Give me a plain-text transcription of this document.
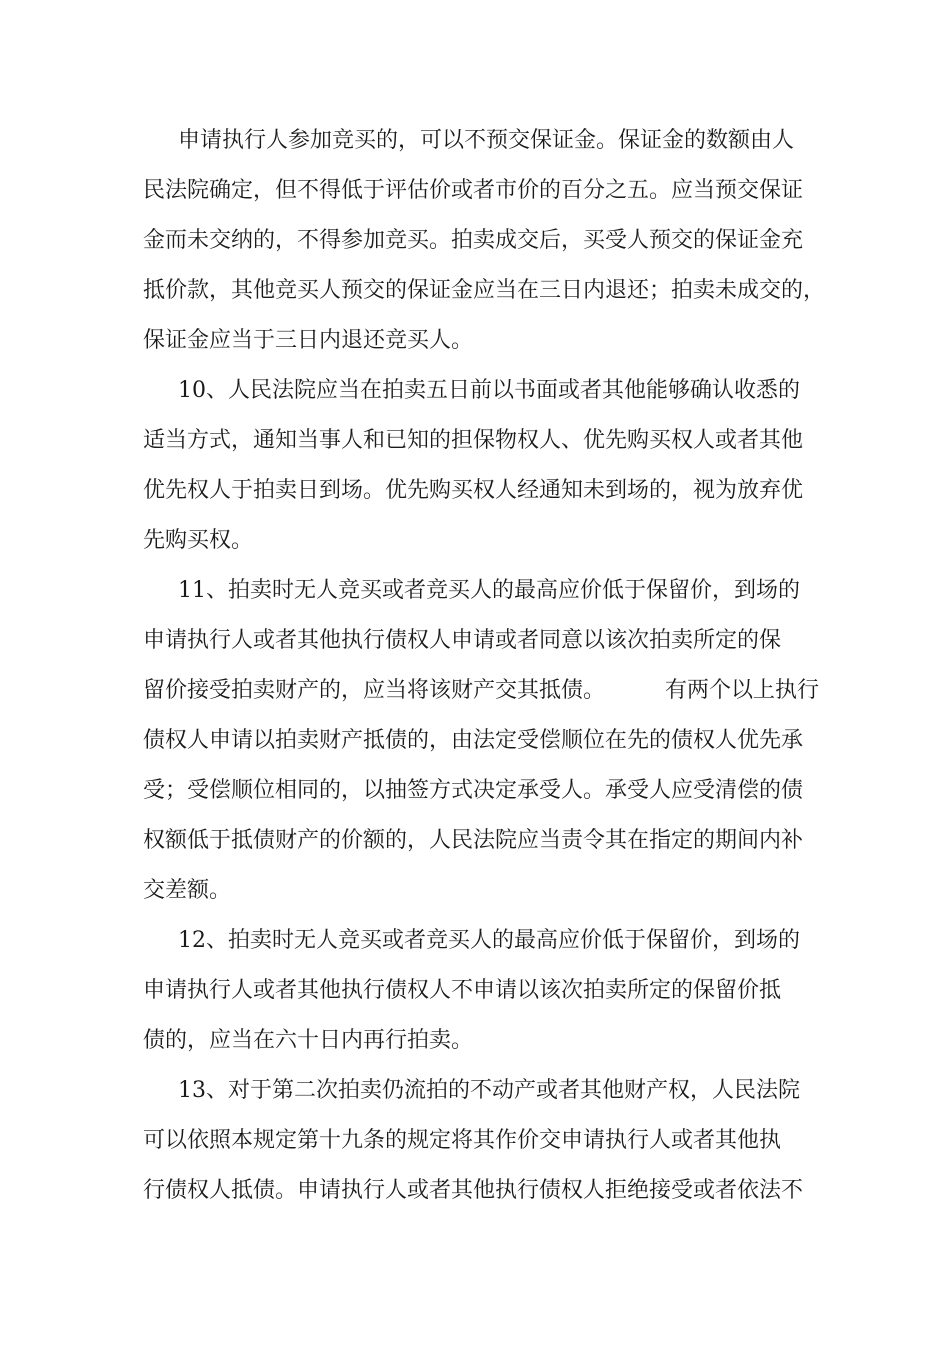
申请执行人参加竞买的，可以不预交保证金。保证金的数额由人
民法院确定，但不得低于评估价或者市价的百分之五。应当预交保证
金而未交纳的，不得参加竞买。拍卖成交后，买受人预交的保证金充
抵价款，其他竞买人预交的保证金应当在三日内退还；拍卖未成交的，
保证金应当于三日内退还竞买人。
10、人民法院应当在拍卖五日前以书面或者其他能够确认收悉的
适当方式，通知当事人和已知的担保物权人、优先购买权人或者其他
优先权人于拍卖日到场。优先购买权人经通知未到场的，视为放弃优
先购买权。
11、拍卖时无人竞买或者竞买人的最高应价低于保留价，到场的
申请执行人或者其他执行债权人申请或者同意以该次拍卖所定的保
留价接受拍卖财产的，应当将该财产交其抵债。	有两个以上执行
债权人申请以拍卖财产抵债的，由法定受偿顺位在先的债权人优先承
受；受偿顺位相同的，以抽签方式决定承受人。承受人应受清偿的债
权额低于抵债财产的价额的，人民法院应当责令其在指定的期间内补
交差额。
12、拍卖时无人竞买或者竞买人的最高应价低于保留价，到场的
申请执行人或者其他执行债权人不申请以该次拍卖所定的保留价抵
债的，应当在六十日内再行拍卖。
13、对于第二次拍卖仍流拍的不动产或者其他财产权，人民法院
可以依照本规定第十九条的规定将其作价交申请执行人或者其他执
行债权人抵债。申请执行人或者其他执行债权人拒绝接受或者依法不
